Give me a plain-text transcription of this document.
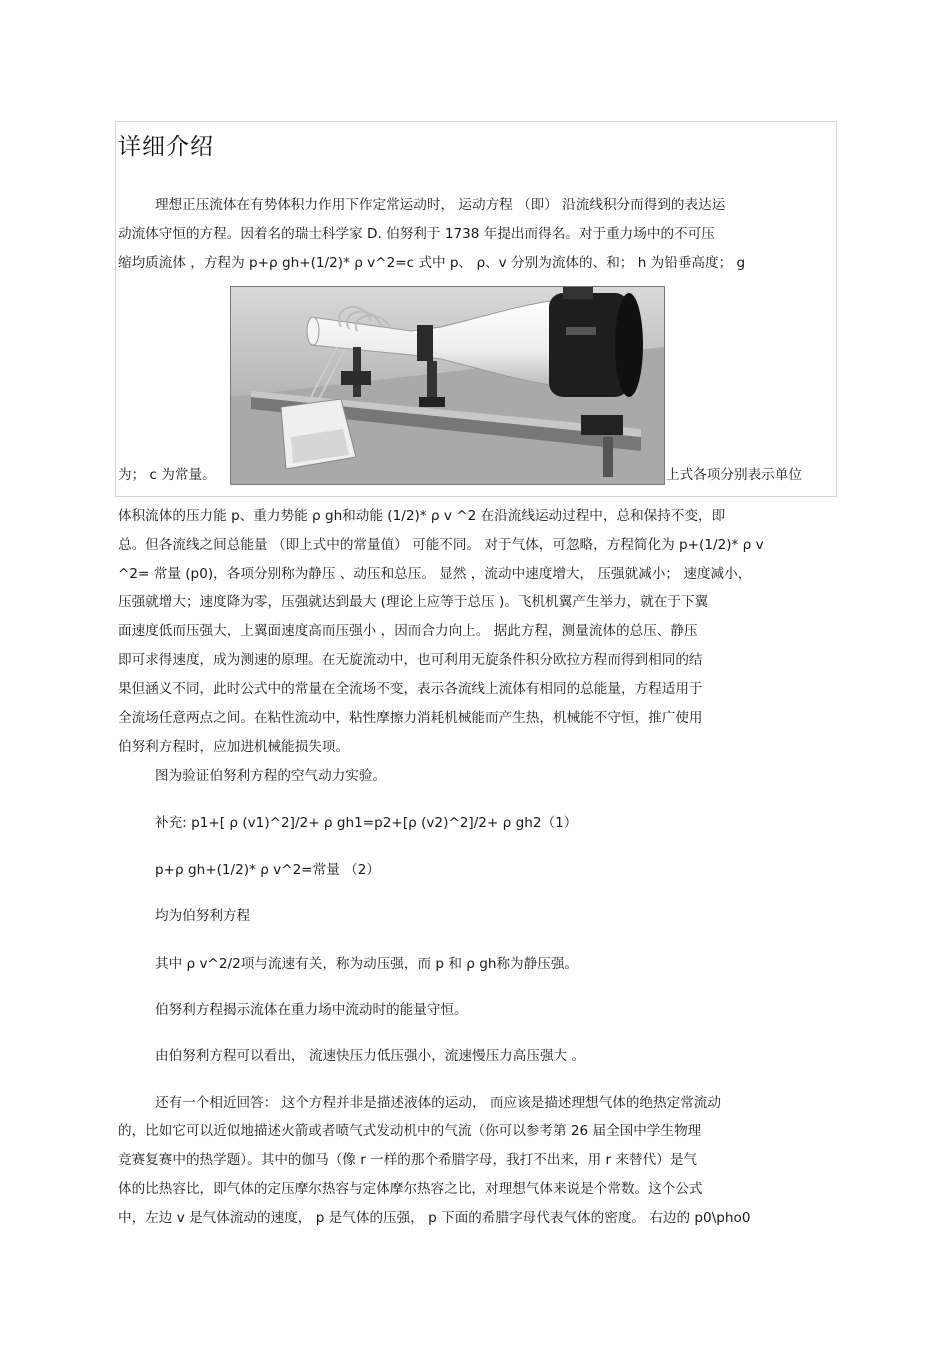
详细介绍
理想正压流体在有势体积力作用下作定常运动时， 运动方程 （即） 沿流线积分而得到的表达运
动流体守恒的方程。因着名的瑞士科学家 D. 伯努利于 1738 年提出而得名。对于重力场中的不可压
缩均质流体 ，方程为 p+ρ gh+(1/2)* ρ v^2=c 式中 p、 ρ、v 分别为流体的、和； h 为铅垂高度； g
为； c 为常量。	上式各项分别表示单位
体积流体的压力能 p、重力势能 ρ gh和动能 (1/2)* ρ v ^2 在沿流线运动过程中，总和保持不变，即
总。但各流线之间总能量 （即上式中的常量值） 可能不同。 对于气体，可忽略，方程简化为 p+(1/2)* ρ v
^2= 常量 (p0)，各项分别称为静压 、动压和总压。 显然 ，流动中速度增大， 压强就减小； 速度减小，
压强就增大；速度降为零，压强就达到最大 (理论上应等于总压 )。飞机机翼产生举力，就在于下翼
面速度低而压强大，上翼面速度高而压强小 ，因而合力向上。 据此方程，测量流体的总压、静压
即可求得速度，成为测速的原理。在无旋流动中，也可利用无旋条件积分欧拉方程而得到相同的结
果但涵义不同，此时公式中的常量在全流场不变，表示各流线上流体有相同的总能量，方程适用于
全流场任意两点之间。在粘性流动中，粘性摩擦力消耗机械能而产生热，机械能不守恒，推广使用
伯努利方程时，应加进机械能损失项。
图为验证伯努利方程的空气动力实验。
补充: p1+[ ρ (v1)^2]/2+ ρ gh1=p2+[ρ (v2)^2]/2+ ρ gh2（1）
p+ρ gh+(1/2)* ρ v^2=常量 （2）
均为伯努利方程
其中 ρ v^2/2项与流速有关，称为动压强，而 p 和 ρ gh称为静压强。
伯努利方程揭示流体在重力场中流动时的能量守恒。
由伯努利方程可以看出， 流速快压力低压强小，流速慢压力高压强大 。
还有一个相近回答： 这个方程并非是描述液体的运动， 而应该是描述理想气体的绝热定常流动
的，比如它可以近似地描述火箭或者喷气式发动机中的气流（你可以参考第 26 届全国中学生物理
竞赛复赛中的热学题）。其中的伽马（像 r 一样的那个希腊字母，我打不出来，用 r 来替代）是气
体的比热容比，即气体的定压摩尔热容与定体摩尔热容之比，对理想气体来说是个常数。这个公式
中，左边 v 是气体流动的速度， p 是气体的压强， p 下面的希腊字母代表气体的密度。 右边的 p0\pho0
